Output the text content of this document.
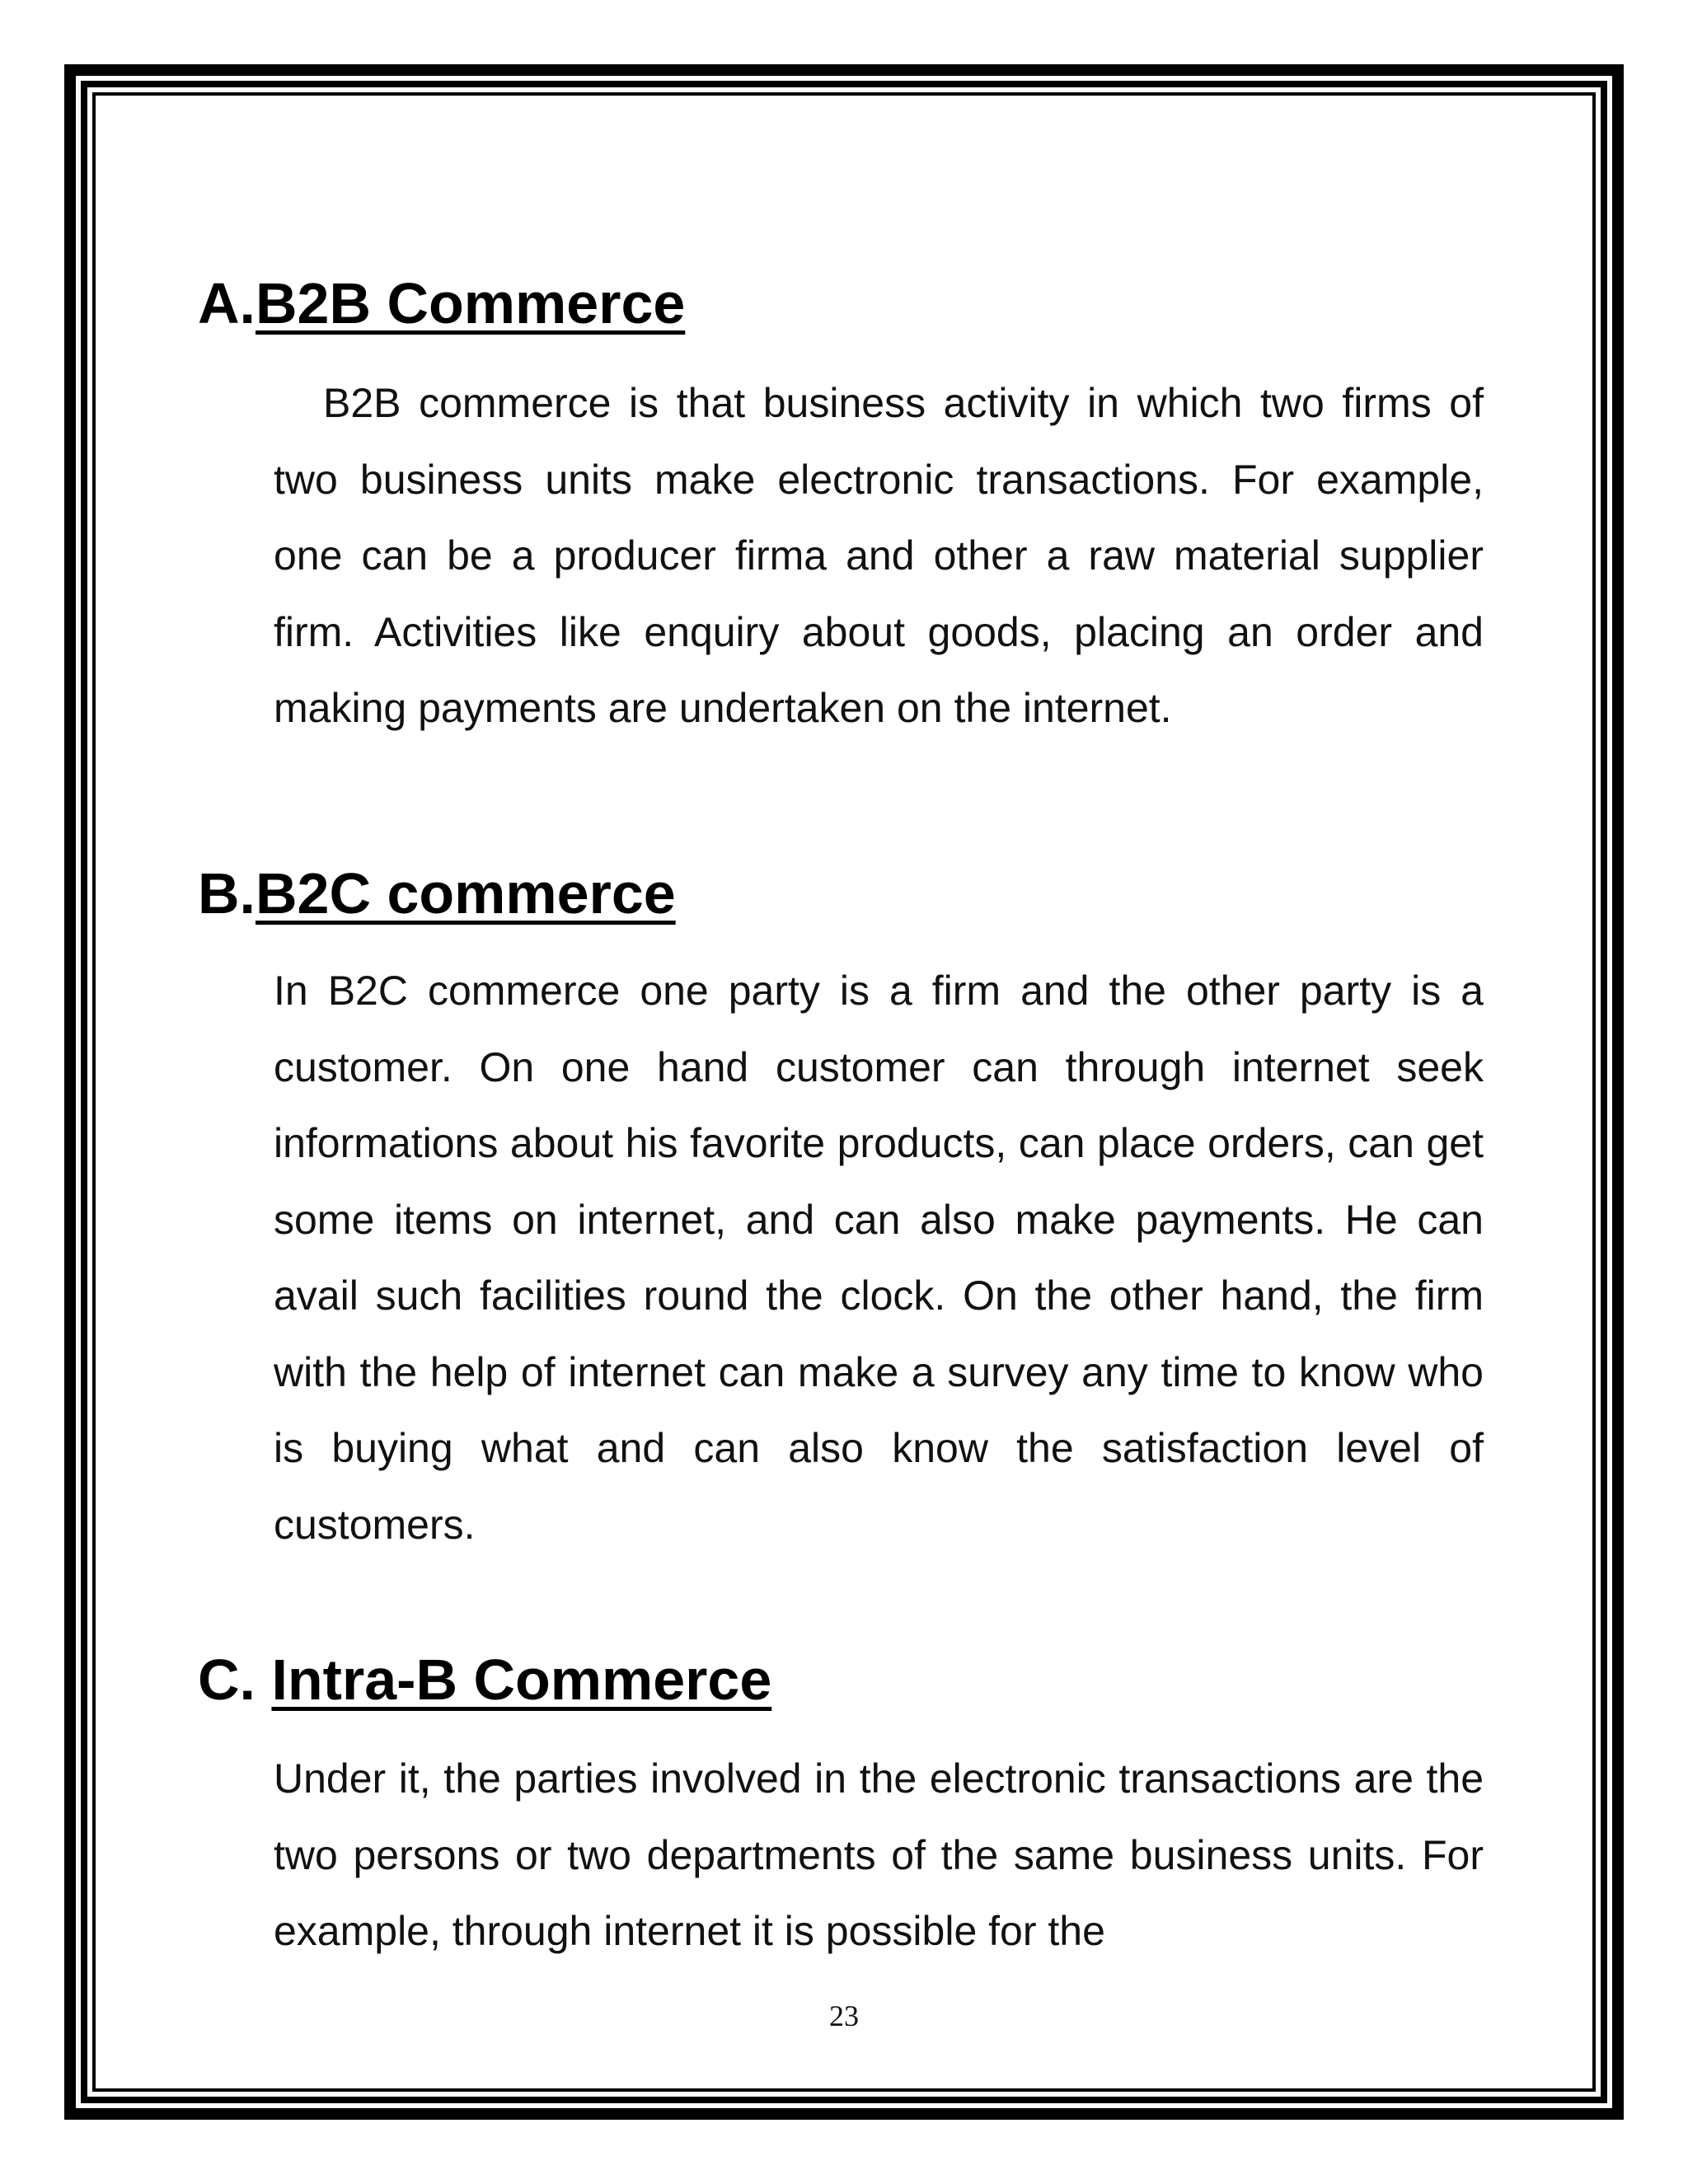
A.B2B Commerce

B2B commerce is that business activity in which two firms of two business units make electronic transactions. For example, one can be a producer firma and other a raw material supplier firm. Activities like enquiry about goods, placing an order and making payments are undertaken on the internet.

B.B2C commerce

In B2C commerce one party is a firm and the other party is a customer. On one hand customer can through internet seek informations about his favorite products, can place orders, can get some items on internet, and can also make payments. He can avail such facilities round the clock. On the other hand, the firm with the help of internet can make a survey any time to know who is buying what and can also know the satisfaction level of customers.

C. Intra-B Commerce

Under it, the parties involved in the electronic transactions are the two persons or two departments of the same business units. For example, through internet it is possible for the

23
